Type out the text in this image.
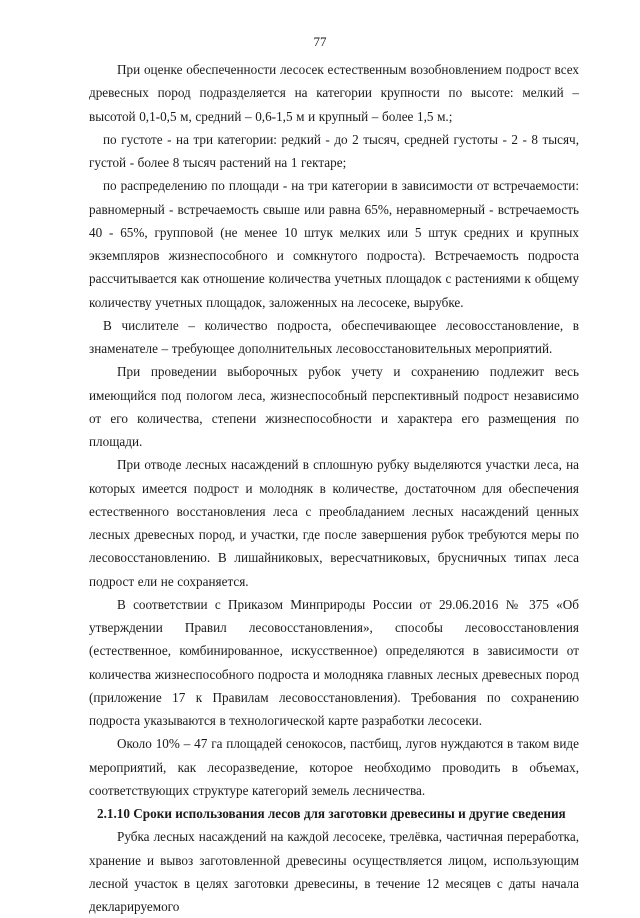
77

При оценке обеспеченности лесосек естественным возобновлением подрост всех древесных пород подразделяется на категории крупности по высоте: мелкий – высотой 0,1-0,5 м, средний – 0,6-1,5 м и крупный – более 1,5 м.;

по густоте - на три категории: редкий - до 2 тысяч, средней густоты - 2 - 8 тысяч, густой - более 8 тысяч растений на 1 гектаре;

по распределению по площади - на три категории в зависимости от встречаемости: равномерный - встречаемость свыше или равна 65%, неравномерный - встречаемость 40 - 65%, групповой (не менее 10 штук мелких или 5 штук средних и крупных экземпляров жизнеспособного и сомкнутого подроста). Встречаемость подроста рассчитывается как отношение количества учетных площадок с растениями к общему количеству учетных площадок, заложенных на лесосеке, вырубке.

В числителе – количество подроста, обеспечивающее лесовосстановление, в знаменателе – требующее дополнительных лесовосстановительных мероприятий.

При проведении выборочных рубок учету и сохранению подлежит весь имеющийся под пологом леса, жизнеспособный перспективный подрост независимо от его количества, степени жизнеспособности и характера его размещения по площади.

При отводе лесных насаждений в сплошную рубку выделяются участки леса, на которых имеется подрост и молодняк в количестве, достаточном для обеспечения естественного восстановления леса с преобладанием лесных насаждений ценных лесных древесных пород, и участки, где после завершения рубок требуются меры по лесовосстановлению. В лишайниковых, вересчатниковых, брусничных типах леса подрост ели не сохраняется.

В соответствии с Приказом Минприроды России от 29.06.2016 № 375 «Об утверждении Правил лесовосстановления», способы лесовосстановления (естественное, комбинированное, искусственное) определяются в зависимости от количества жизнеспособного подроста и молодняка главных лесных древесных пород (приложение 17 к Правилам лесовосстановления). Требования по сохранению подроста указываются в технологической карте разработки лесосеки.

Около 10% – 47 га площадей сенокосов, пастбищ, лугов нуждаются в таком виде мероприятий, как лесоразведение, которое необходимо проводить в объемах, соответствующих структуре категорий земель лесничества.

2.1.10 Сроки использования лесов для заготовки древесины и другие сведения

Рубка лесных насаждений на каждой лесосеке, трелёвка, частичная переработка, хранение и вывоз заготовленной древесины осуществляется лицом, использующим лесной участок в целях заготовки древесины, в течение 12 месяцев с даты начала декларируемого
